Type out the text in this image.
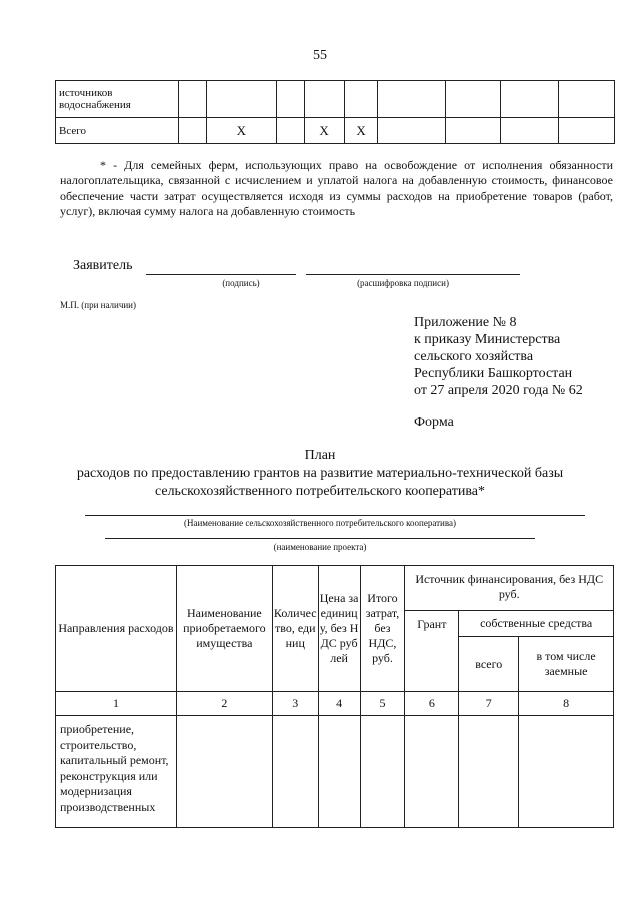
55
источников водоснабжения									
Всего		X		X	X				
* - Для семейных ферм, использующих право на освобождение от исполнения обязанности налогоплательщика, связанной с исчислением и уплатой налога на добавленную стоимость, финансовое обеспечение части затрат осуществляется исходя из суммы расходов на приобретение товаров (работ, услуг), включая сумму налога на добавленную стоимость
Заявитель
(подпись)	(расшифровка подписи)
М.П. (при наличии)
Приложение № 8
к приказу Министерства
сельского хозяйства
Республики Башкортостан
от 27 апреля 2020 года № 62
Форма
План
расходов по предоставлению грантов на развитие материально-технической базы
сельскохозяйственного потребительского кооператива*
(Наименование сельскохозяйственного потребительского кооператива)
(наименование проекта)
Направления расходов	Наименование приобретаемого имущества	Количество, единиц	Цена за единицу, без НДС рублей	Итого затрат, без НДС, руб.	Источник финансирования, без НДС руб.		
					Грант	собственные средства	
						всего	в том числе заемные
1	2	3	4	5	6	7	8
приобретение, строительство, капитальный ремонт, реконструкция или модернизация производственных							
